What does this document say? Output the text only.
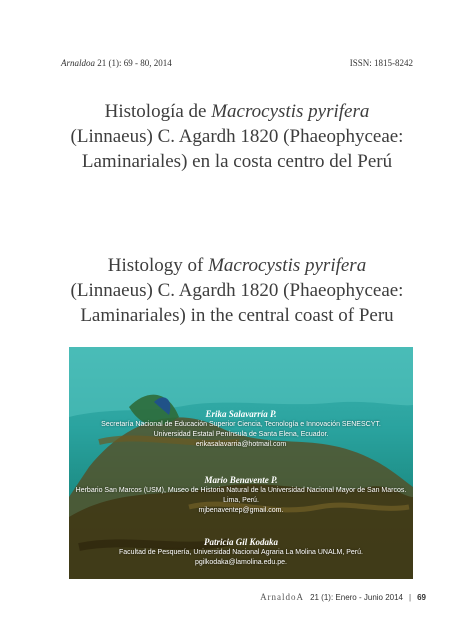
Arnaldoa 21 (1): 69 - 80, 2014	ISSN: 1815-8242
Histología de Macrocystis pyrifera
(Linnaeus) C. Agardh 1820 (Phaeophyceae:
Laminariales) en la costa centro del Perú
Histology of Macrocystis pyrifera
(Linnaeus) C. Agardh 1820 (Phaeophyceae:
Laminariales) in the central coast of Peru
Erika Salavarría P.
Secretaría Nacional de Educación Superior Ciencia, Tecnología e Innovación SENESCYT.
Universidad Estatal Península de Santa Elena, Ecuador.
erikasalavarria@hotmail.com
Mario Benavente P.
Herbario San Marcos (USM), Museo de Historia Natural de la Universidad Nacional Mayor de San Marcos.
Lima, Perú.
mjbenaventep@gmail.com.
Patricia Gil Kodaka
Facultad de Pesquería, Universidad Nacional Agraria La Molina UNALM, Perú.
pgilkodaka@lamolina.edu.pe.
ArnaldoA 21 (1): Enero - Junio 2014 | 69
